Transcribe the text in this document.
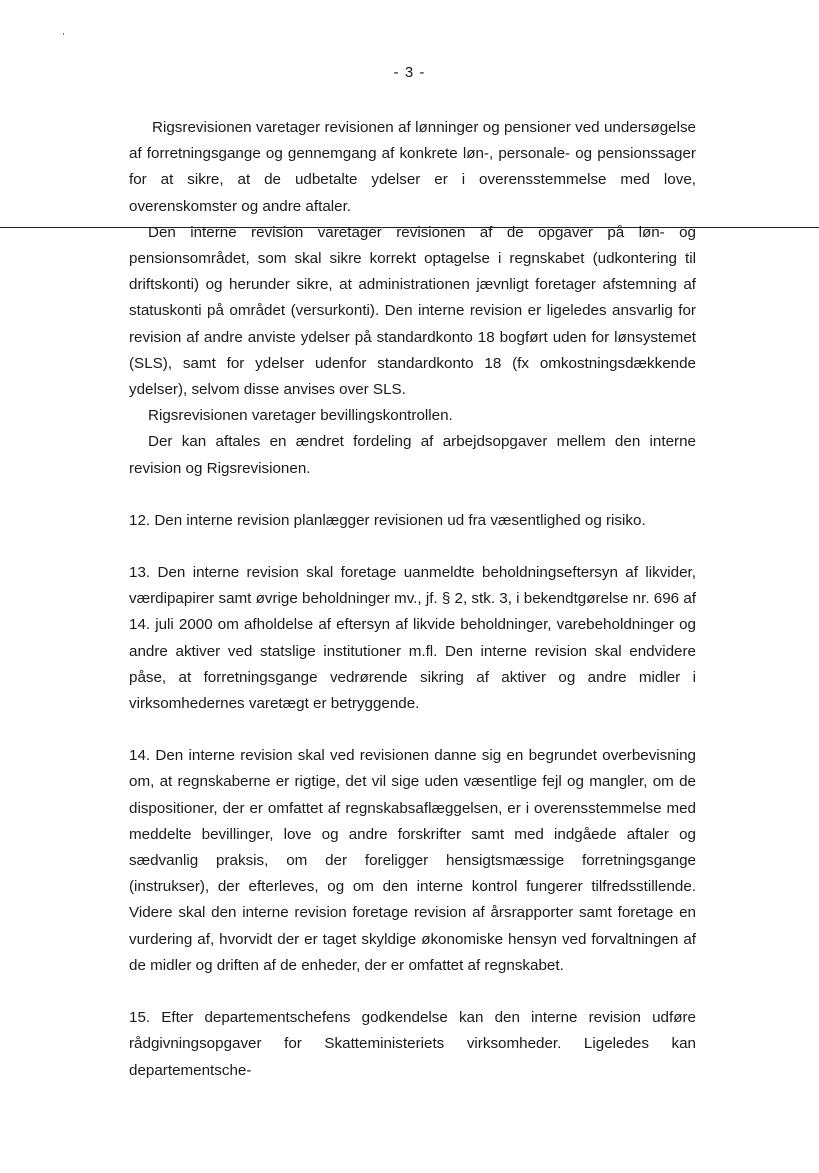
- 3 -

Rigsrevisionen varetager revisionen af lønninger og pensioner ved undersøgelse af forretningsgange og gennemgang af konkrete løn-, personale- og pensionssager for at sikre, at de udbetalte ydelser er i overensstemmelse med love, overenskomster og andre aftaler.

Den interne revision varetager revisionen af de opgaver på løn- og pensionsområdet, som skal sikre korrekt optagelse i regnskabet (udkontering til driftskonti) og herunder sikre, at administrationen jævnligt foretager afstemning af statuskonti på området (versurkonti). Den interne revision er ligeledes ansvarlig for revision af andre anviste ydelser på standardkonto 18 bogført uden for lønsystemet (SLS), samt for ydelser udenfor standardkonto 18 (fx omkostningsdækkende ydelser), selvom disse anvises over SLS.

Rigsrevisionen varetager bevillingskontrollen.

Der kan aftales en ændret fordeling af arbejdsopgaver mellem den interne revision og Rigsrevisionen.

12. Den interne revision planlægger revisionen ud fra væsentlighed og risiko.

13. Den interne revision skal foretage uanmeldte beholdningseftersyn af likvider, værdipapirer samt øvrige beholdninger mv., jf. § 2, stk. 3, i bekendtgørelse nr. 696 af 14. juli 2000 om afholdelse af eftersyn af likvide beholdninger, varebeholdninger og andre aktiver ved statslige institutioner m.fl. Den interne revision skal endvidere påse, at forretningsgange vedrørende sikring af aktiver og andre midler i virksomhedernes varetægt er betryggende.

14. Den interne revision skal ved revisionen danne sig en begrundet overbevisning om, at regnskaberne er rigtige, det vil sige uden væsentlige fejl og mangler, om de dispositioner, der er omfattet af regnskabsaflæggelsen, er i overensstemmelse med meddelte bevillinger, love og andre forskrifter samt med indgåede aftaler og sædvanlig praksis, om der foreligger hensigtsmæssige forretningsgange (instrukser), der efterleves, og om den interne kontrol fungerer tilfredsstillende. Videre skal den interne revision foretage revision af årsrapporter samt foretage en vurdering af, hvorvidt der er taget skyldige økonomiske hensyn ved forvaltningen af de midler og driften af de enheder, der er omfattet af regnskabet.

15. Efter departementschefens godkendelse kan den interne revision udføre rådgivningsopgaver for Skatteministeriets virksomheder. Ligeledes kan departementsche-
